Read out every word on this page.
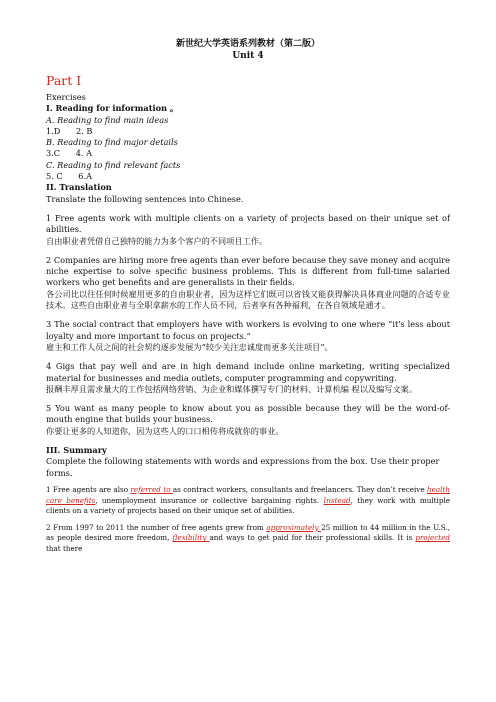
新世纪大学英语系列教材（第二版）
Unit 4
Part I
Exercises
I. Reading for information 。
A. Reading to find main ideas
1.D      2. B
B. Reading to find major details
3.C      4. A
C. Reading to find relevant facts
5. C      6.A
II. Translation
Translate the following sentences into Chinese.
1 Free agents work with multiple clients on a variety of projects based on their unique set of abilities.
自由职业者凭借自己独特的能力为多个客户的不同项目工作。
2 Companies are hiring more free agents than ever before because they save money and acquire niche expertise to solve specific business problems. This is different from full-time salaried workers who get benefits and are generalists in their fields.
各公司比以往任何时候雇用更多的自由职业者，因为这样它们既可以省钱又能获得解决具体商业问题的合适专业技术。这些自由职业者与全职拿薪水的工作人员不同，后者享有各种福利，在各自领域是通才。
3 The social contract that employers have with workers is evolving to one where “it's less about loyalty and more important to focus on projects.”
雇主和工作人员之间的社会契约逐步发展为“较少关注忠诚度而更多关注项目”。
4 Gigs that pay well and are in high demand include online marketing, writing specialized material for businesses and media outlets, computer programming and copywriting.
报酬丰厚且需求量大的工作包括网络营销、为企业和媒体撰写专门的材料、计算机编 程以及编写文案。
5 You want as many people to know about you as possible because they will be the word-of-mouth engine that builds your business.
你要让更多的人知道你，因为这些人的口口相传将成就你的事业。
III. Summary
Complete the following statements with words and expressions from the box. Use their proper forms.
1 Free agents are also referred to as contract workers, consultants and freelancers. They don’t receive health care benefits, unemployment insurance or collective bargaining rights. Instead, they work with multiple clients on a variety of projects based on their unique set of abilities.
2 From 1997 to 2011 the number of free agents grew from approximately 25 million to 44 million in the U.S., as people desired more freedom, flexibility and ways to get paid for their professional skills. It is projected that there
